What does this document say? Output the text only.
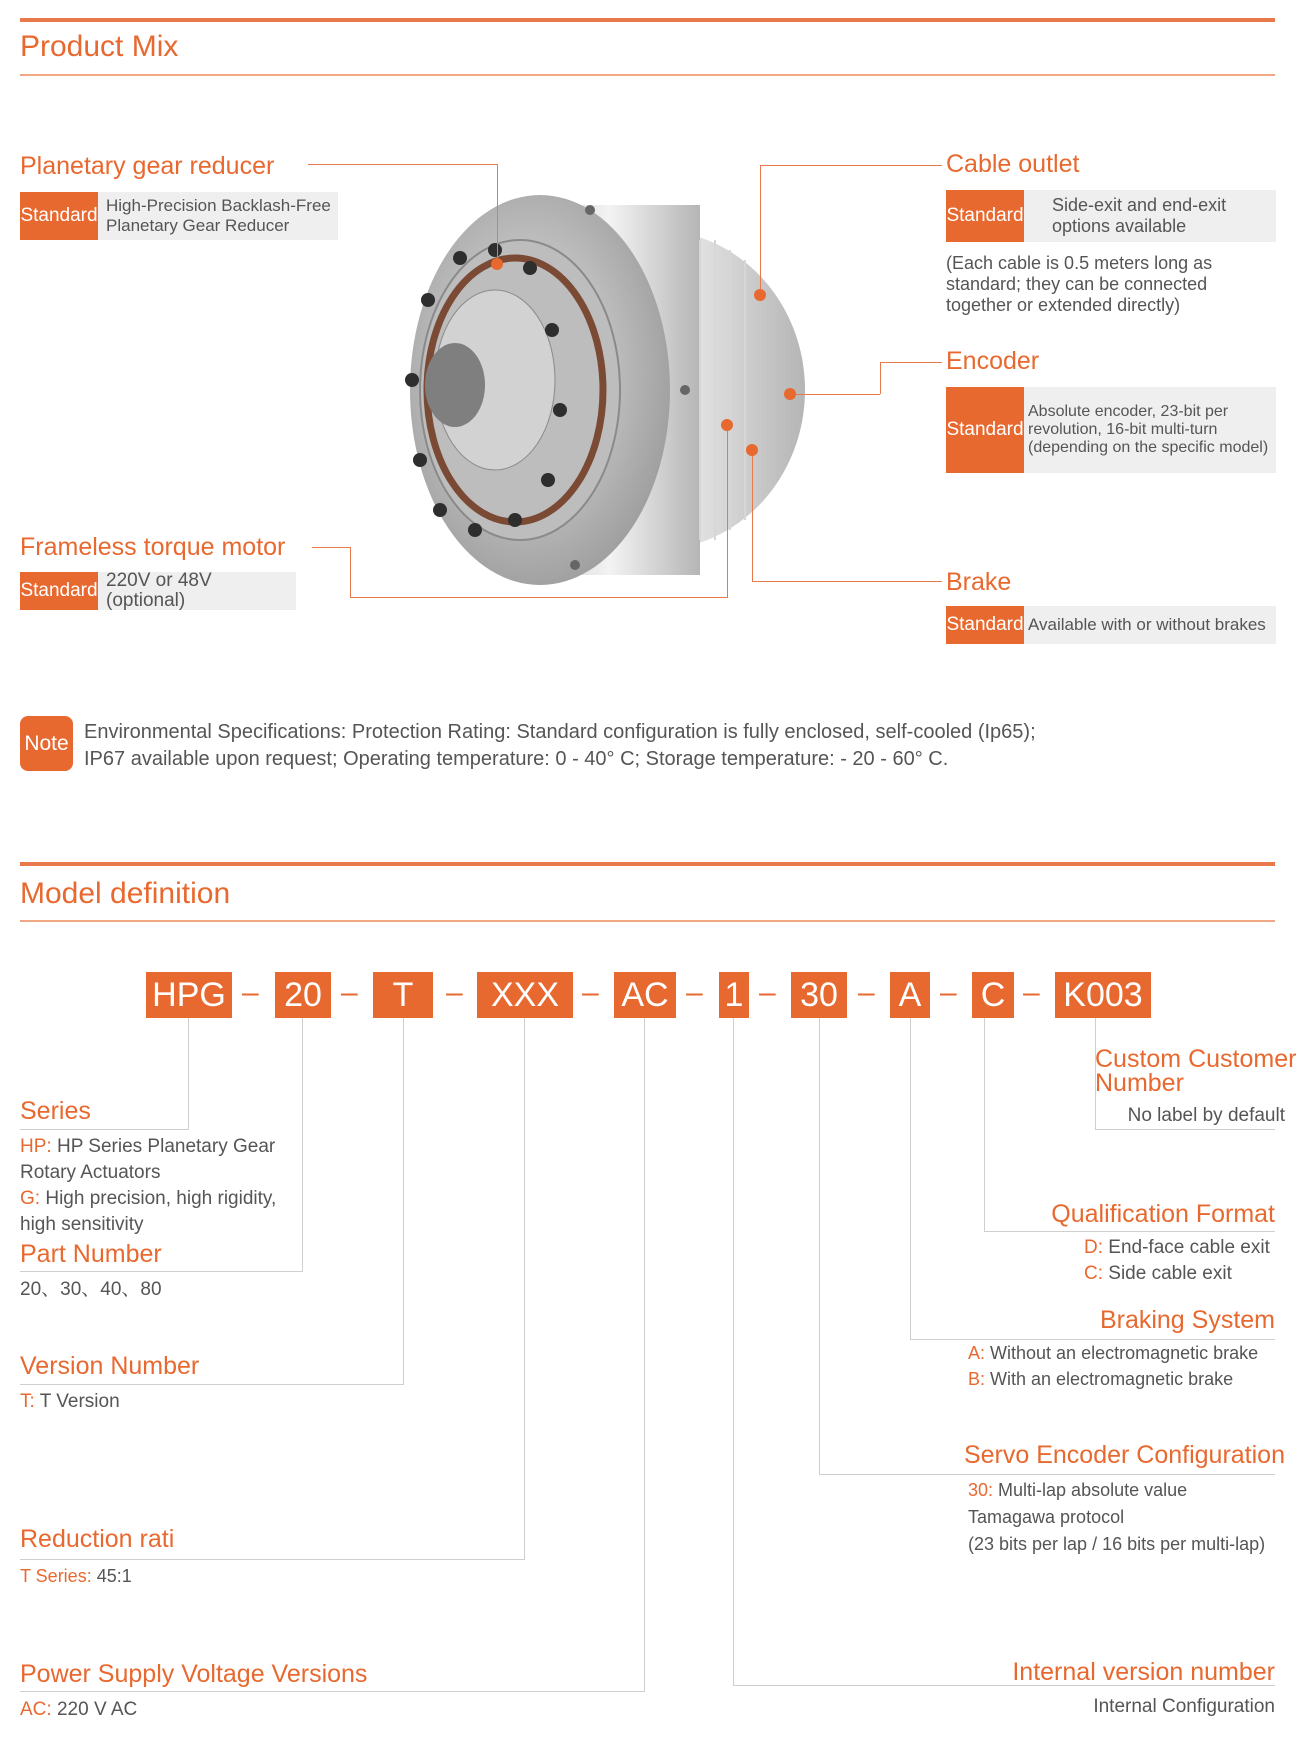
Product Mix
Planetary gear reducer
Standard High-Precision Backlash-Free
Planetary Gear Reducer
Frameless torque motor
Standard 220V or 48V (optional)
Cable outlet
Standard Side-exit and end-exit
options available
(Each cable is 0.5 meters long as
standard; they can be connected
together or extended directly)
Encoder
Standard
Absolute encoder, 23-bit per
revolution, 16-bit multi-turn
(depending on the specific model)
Brake
Standard Available with or without brakes
Note Environmental Specifications: Protection Rating: Standard configuration is fully enclosed, self-cooled (Ip65);
IP67 available upon request; Operating temperature: 0 - 40° C; Storage temperature: - 20 - 60° C.
Model definition
HPG – 20 –	T	– XXX – AC – 1 – 30 – A – C – K003
Series
HP: HP Series Planetary Gear
Rotary Actuators
G: High precision, high rigidity,
high sensitivity
Part Number
20、30、40、80
Version Number
T: T Version
Reduction rati
T Series: 45:1
Power Supply Voltage Versions
AC: 220 V AC
Custom Customer
Number
No label by default
Qualification Format
D: End-face cable exit
C: Side cable exit
Braking System
A: Without an electromagnetic brake
B: With an electromagnetic brake
Servo Encoder Configuration
30: Multi-lap absolute value
Tamagawa protocol
(23 bits per lap / 16 bits per multi-lap)
Internal version number
Internal Configuration
